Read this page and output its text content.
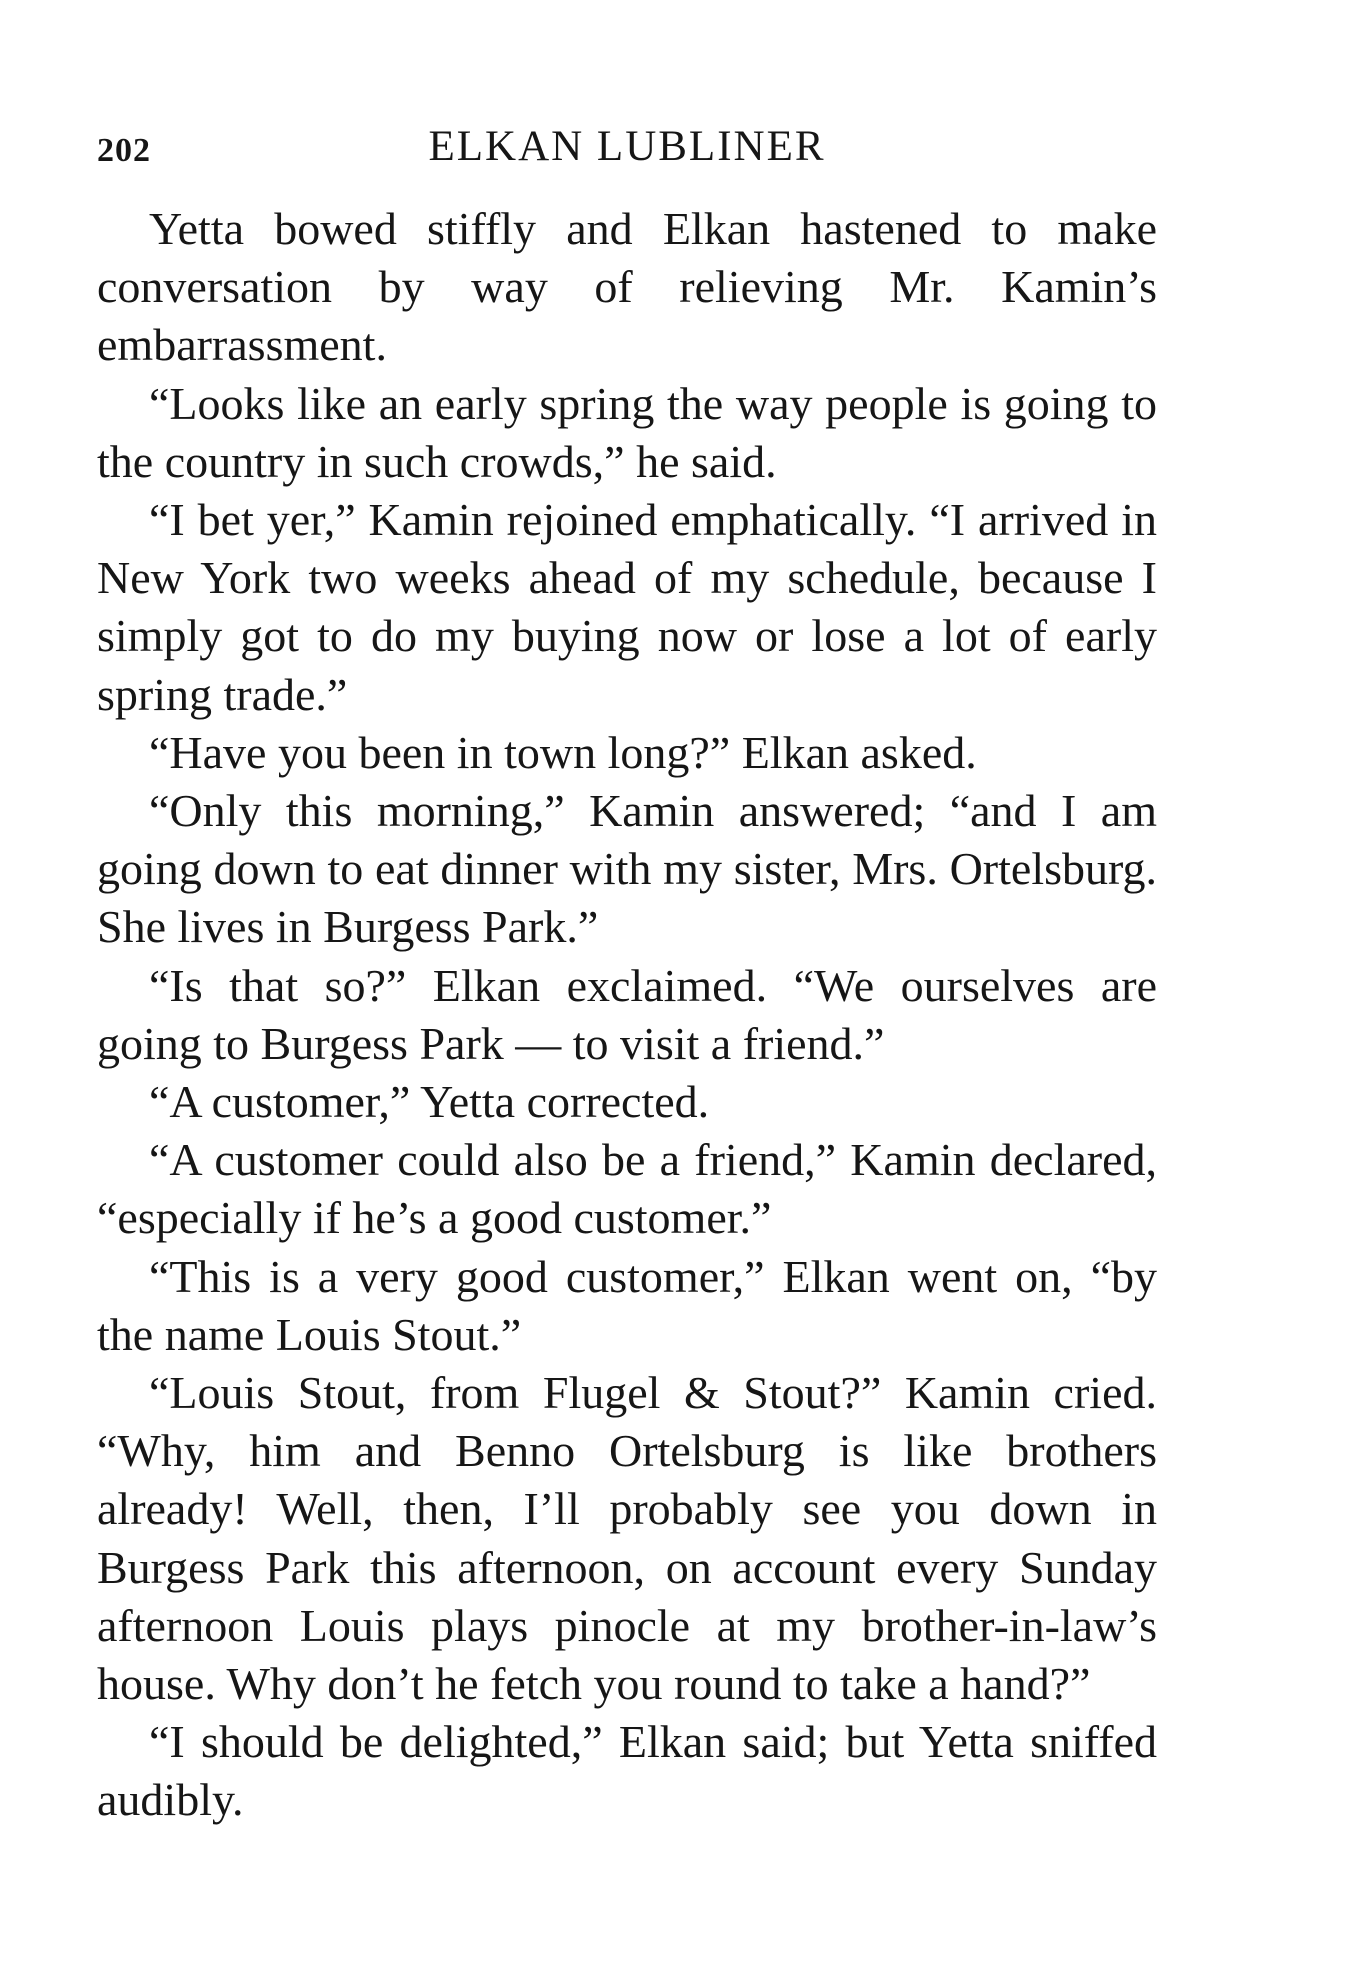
202	ELKAN LUBLINER

Yetta bowed stiffly and Elkan hastened to make conversation by way of relieving Mr. Kamin’s embarrassment.

“Looks like an early spring the way people is going to the country in such crowds,” he said.

“I bet yer,” Kamin rejoined emphatically. “I arrived in New York two weeks ahead of my schedule, because I simply got to do my buying now or lose a lot of early spring trade.”

“Have you been in town long?” Elkan asked.

“Only this morning,” Kamin answered; “and I am going down to eat dinner with my sister, Mrs. Ortelsburg. She lives in Burgess Park.”

“Is that so?” Elkan exclaimed. “We ourselves are going to Burgess Park — to visit a friend.”

“A customer,” Yetta corrected.

“A customer could also be a friend,” Kamin declared, “especially if he’s a good customer.”

“This is a very good customer,” Elkan went on, “by the name Louis Stout.”

“Louis Stout, from Flugel & Stout?” Kamin cried. “Why, him and Benno Ortelsburg is like brothers already! Well, then, I’ll probably see you down in Burgess Park this afternoon, on account every Sunday afternoon Louis plays pinocle at my brother-in-law’s house. Why don’t he fetch you round to take a hand?”

“I should be delighted,” Elkan said; but Yetta sniffed audibly.
